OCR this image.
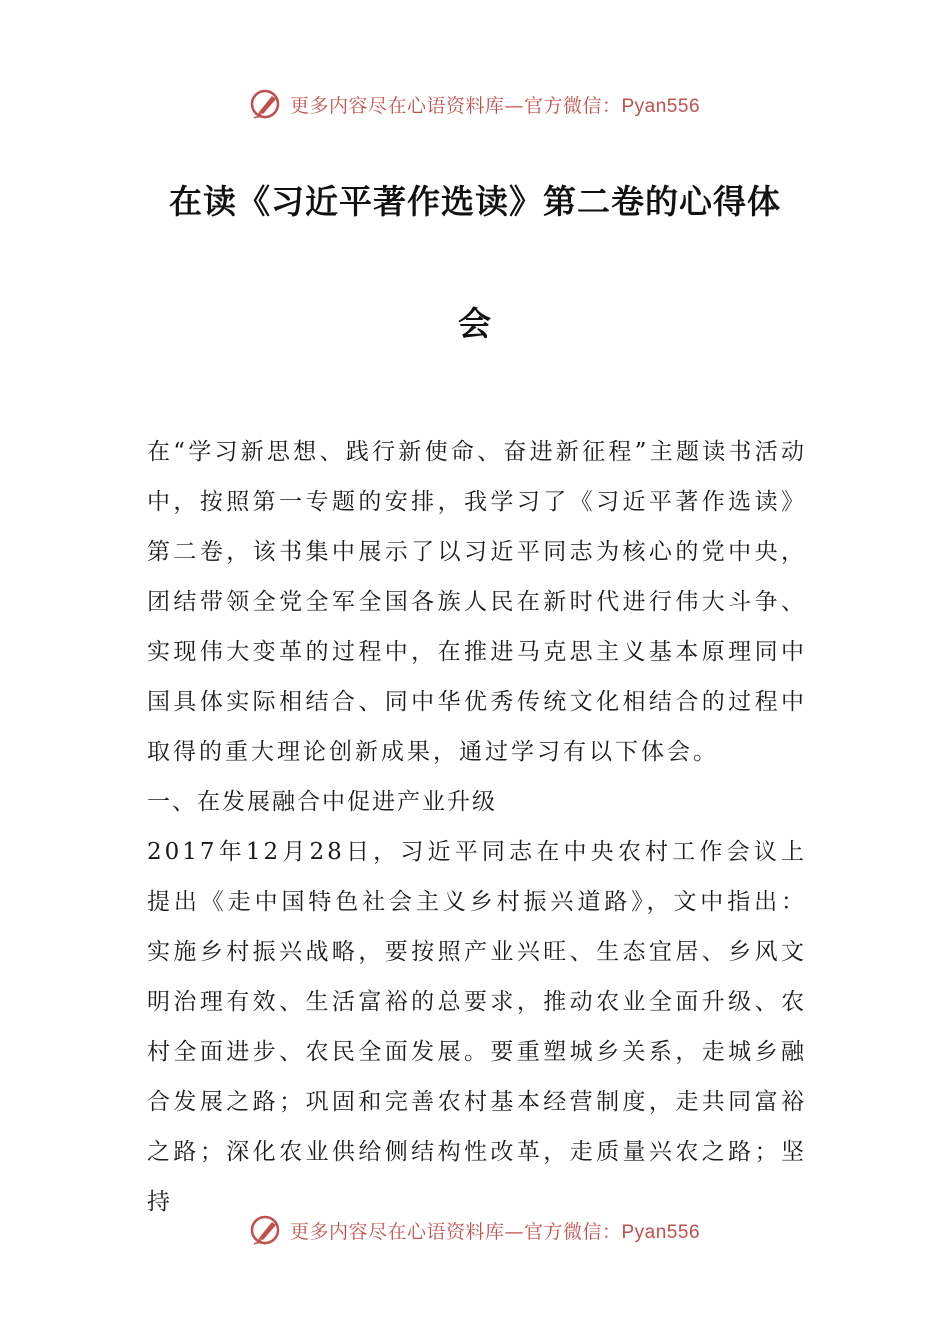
更多内容尽在心语资料库—官方微信：Pyan556
在读《习近平著作选读》第二卷的心得体
会

在“学习新思想、践行新使命、奋进新征程”主题读书活动中，按照第一专题的安排，我学习了《习近平著作选读》第二卷，该书集中展示了以习近平同志为核心的党中央，团结带领全党全军全国各族人民在新时代进行伟大斗争、实现伟大变革的过程中，在推进马克思主义基本原理同中国具体实际相结合、同中华优秀传统文化相结合的过程中取得的重大理论创新成果，通过学习有以下体会。

一、在发展融合中促进产业升级

2017年12月28日，习近平同志在中央农村工作会议上提出《走中国特色社会主义乡村振兴道路》，文中指出：实施乡村振兴战略，要按照产业兴旺、生态宜居、乡风文明治理有效、生活富裕的总要求，推动农业全面升级、农村全面进步、农民全面发展。要重塑城乡关系，走城乡融合发展之路；巩固和完善农村基本经营制度，走共同富裕之路；深化农业供给侧结构性改革，走质量兴农之路；坚持

更多内容尽在心语资料库—官方微信：Pyan556
